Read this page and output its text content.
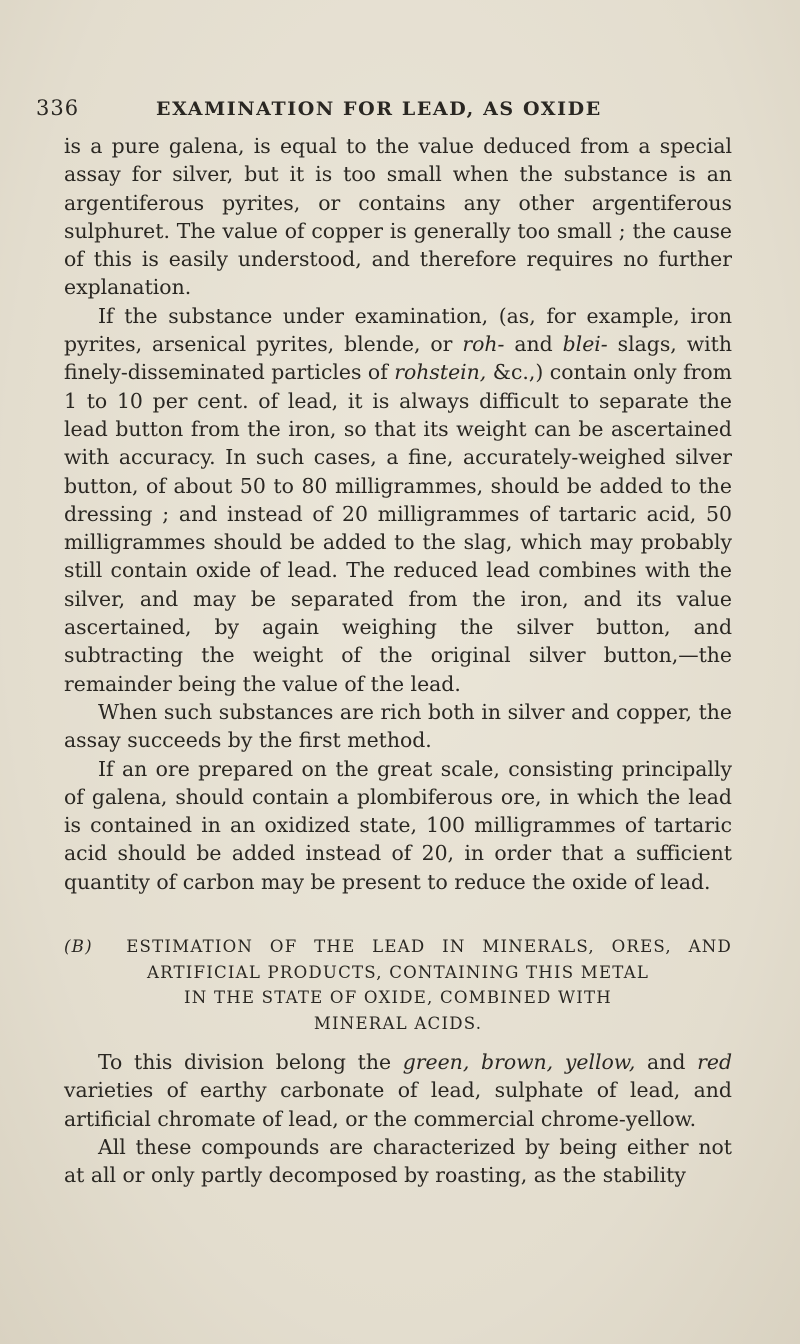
336	EXAMINATION FOR LEAD, AS OXIDE

is a pure galena, is equal to the value deduced from a special assay for silver, but it is too small when the substance is an argentiferous pyrites, or contains any other argentiferous sulphuret. The value of copper is generally too small ; the cause of this is easily understood, and therefore requires no further explanation.

If the substance under examination, (as, for example, iron pyrites, arsenical pyrites, blende, or roh- and blei- slags, with finely-disseminated particles of rohstein, &c.,) contain only from 1 to 10 per cent. of lead, it is always difficult to separate the lead button from the iron, so that its weight can be ascertained with accuracy. In such cases, a fine, accurately-weighed silver button, of about 50 to 80 milligrammes, should be added to the dressing ; and instead of 20 milligrammes of tartaric acid, 50 milligrammes should be added to the slag, which may probably still contain oxide of lead. The reduced lead combines with the silver, and may be separated from the iron, and its value ascertained, by again weighing the silver button, and subtracting the weight of the original silver button,—the remainder being the value of the lead.

When such substances are rich both in silver and copper, the assay succeeds by the first method.

If an ore prepared on the great scale, consisting principally of galena, should contain a plombiferous ore, in which the lead is contained in an oxidized state, 100 milligrammes of tartaric acid should be added instead of 20, in order that a sufficient quantity of carbon may be present to reduce the oxide of lead.

(B) ESTIMATION OF THE LEAD IN MINERALS, ORES, AND
ARTIFICIAL PRODUCTS, CONTAINING THIS METAL
IN THE STATE OF OXIDE, COMBINED WITH
MINERAL ACIDS.

To this division belong the green, brown, yellow, and red varieties of earthy carbonate of lead, sulphate of lead, and artificial chromate of lead, or the commercial chrome-yellow.

All these compounds are characterized by being either not at all or only partly decomposed by roasting, as the stability
